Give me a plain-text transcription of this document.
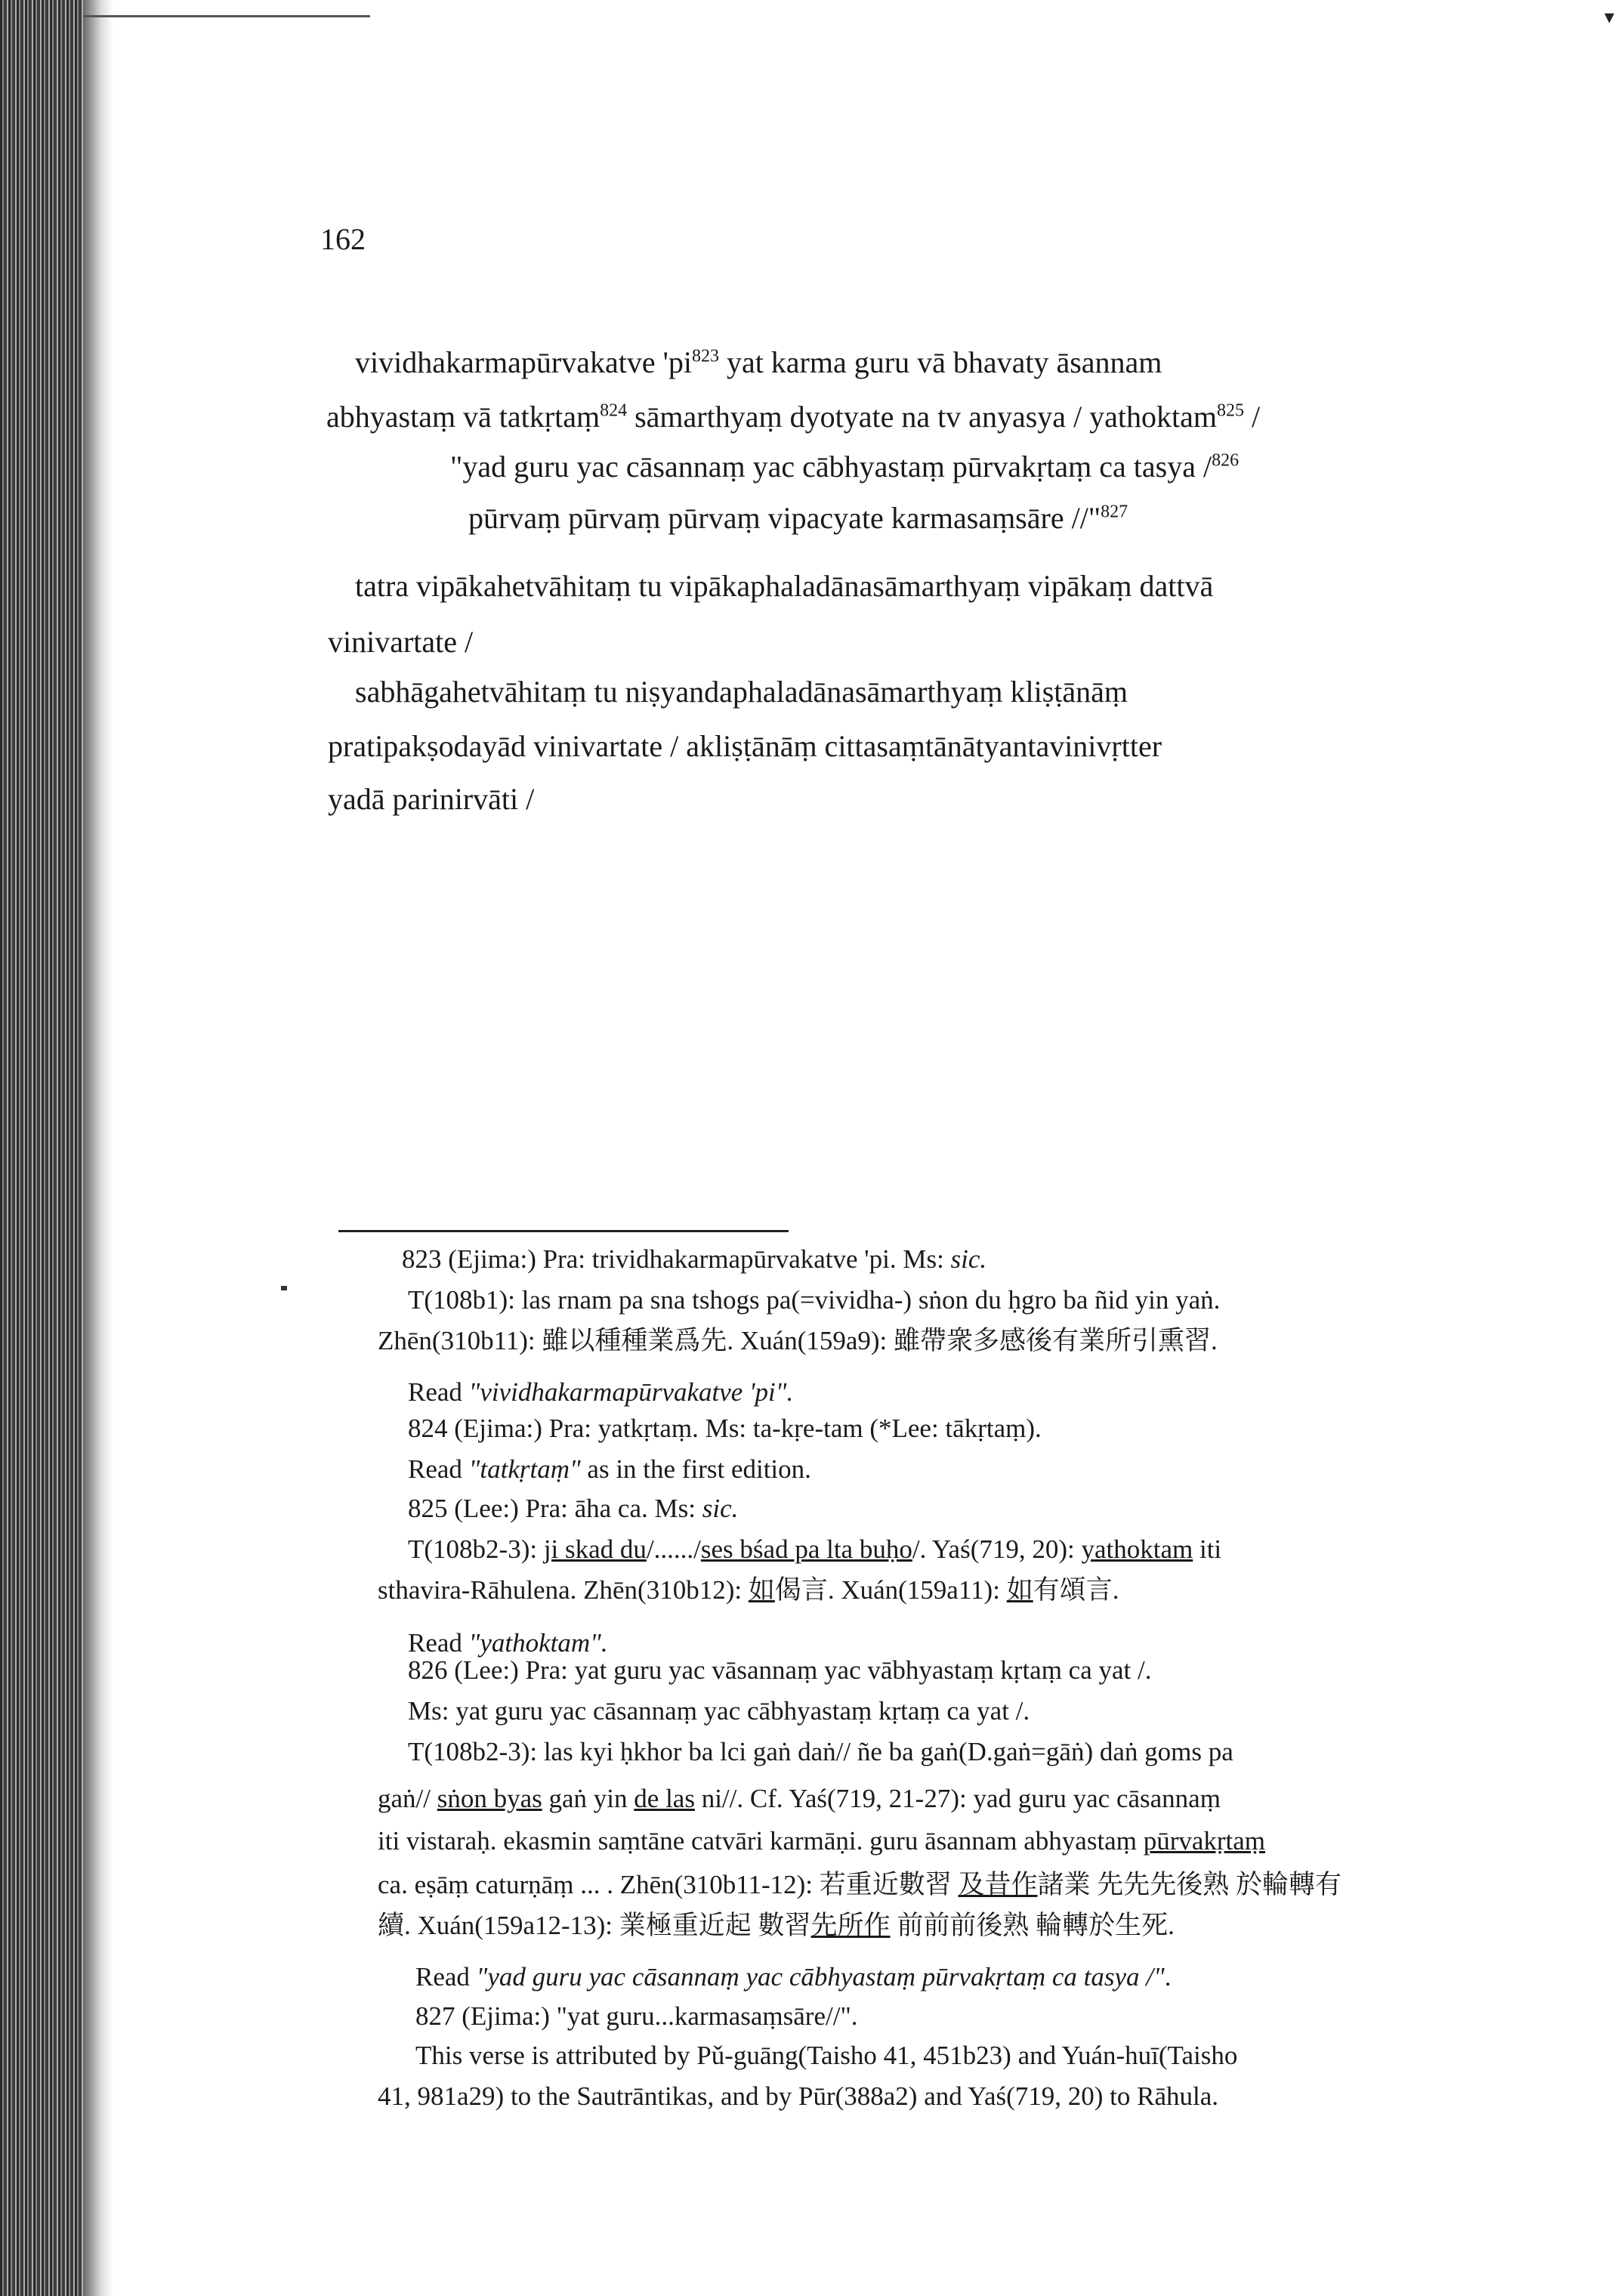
▾
162
vividhakarmapūrvakatve '$pi^{823}$ yat karma guru vā bhavaty āsannam
abhyastaṃ vā tatkṛtaṃ$^{824}$ sāmarthyaṃ dyotyate na tv anyasya / yathoktam$^{825}$ /
"yad guru yac cāsannaṃ yac cābhyastaṃ pūrvakṛtaṃ ca tasya /$^{826}$
pūrvaṃ pūrvaṃ pūrvaṃ vipacyate karmasaṃsāre //"$^{827}$
tatra vipākahetvāhitaṃ tu vipākaphaladānasāmarthyaṃ vipākaṃ dattvā
vinivartate /
sabhāgahetvāhitaṃ tu niṣyandaphaladānasāmarthyaṃ kliṣṭānāṃ
pratipakṣodayād vinivartate / akliṣṭānāṃ cittasaṃtānātyantavinivṛtter
yadā parinirvāti /
823 (Ejima:) Pra: trividhakarmapūrvakatve 'pi. Ms: sic.
T(108b1): las rnam pa sna tshogs pa(=vividha-) sṅon du ḥgro ba ñid yin yaṅ.
Zhēn(310b11): 雖以種種業爲先. Xuán(159a9): 雖帶衆多感後有業所引熏習.
Read "vividhakarmapūrvakatve 'pi".
824 (Ejima:) Pra: yatkṛtaṃ. Ms: ta-kṛe-tam (*Lee: tākṛtaṃ).
Read "tatkṛtaṃ" as in the first edition.
825 (Lee:) Pra: āha ca. Ms: sic.
T(108b2-3): ji skad du/....../ses bśad pa lta buḥo/. Yaś(719, 20): yathoktam iti
sthavira-Rāhulena. Zhēn(310b12): 如偈言. Xuán(159a11): 如有頌言.
Read "yathoktam".
826 (Lee:) Pra: yat guru yac vāsannaṃ yac vābhyastaṃ kṛtaṃ ca yat /.
Ms: yat guru yac cāsannaṃ yac cābhyastaṃ kṛtaṃ ca yat /.
T(108b2-3): las kyi ḥkhor ba lci gaṅ daṅ// ñe ba gaṅ(D.gaṅ=gāṅ) daṅ goms pa
gaṅ// sṅon byas gaṅ yin de las ni//. Cf. Yaś(719, 21-27): yad guru yac cāsannaṃ
iti vistaraḥ. ekasmin saṃtāne catvāri karmāṇi. guru āsannam abhyastaṃ pūrvakṛtaṃ
ca. eṣāṃ caturṇāṃ ... . Zhēn(310b11-12): 若重近數習 及昔作諸業 先先先後熟 於輪轉有
續. Xuán(159a12-13): 業極重近起 數習先所作 前前前後熟 輪轉於生死.
Read "yad guru yac cāsannaṃ yac cābhyastaṃ pūrvakṛtaṃ ca tasya /".
827 (Ejima:) "yat guru...karmasaṃsāre//".
This verse is attributed by Pǔ-guāng(Taisho 41, 451b23) and Yuán-huī(Taisho
41, 981a29) to the Sautrāntikas, and by Pūr(388a2) and Yaś(719, 20) to Rāhula.
